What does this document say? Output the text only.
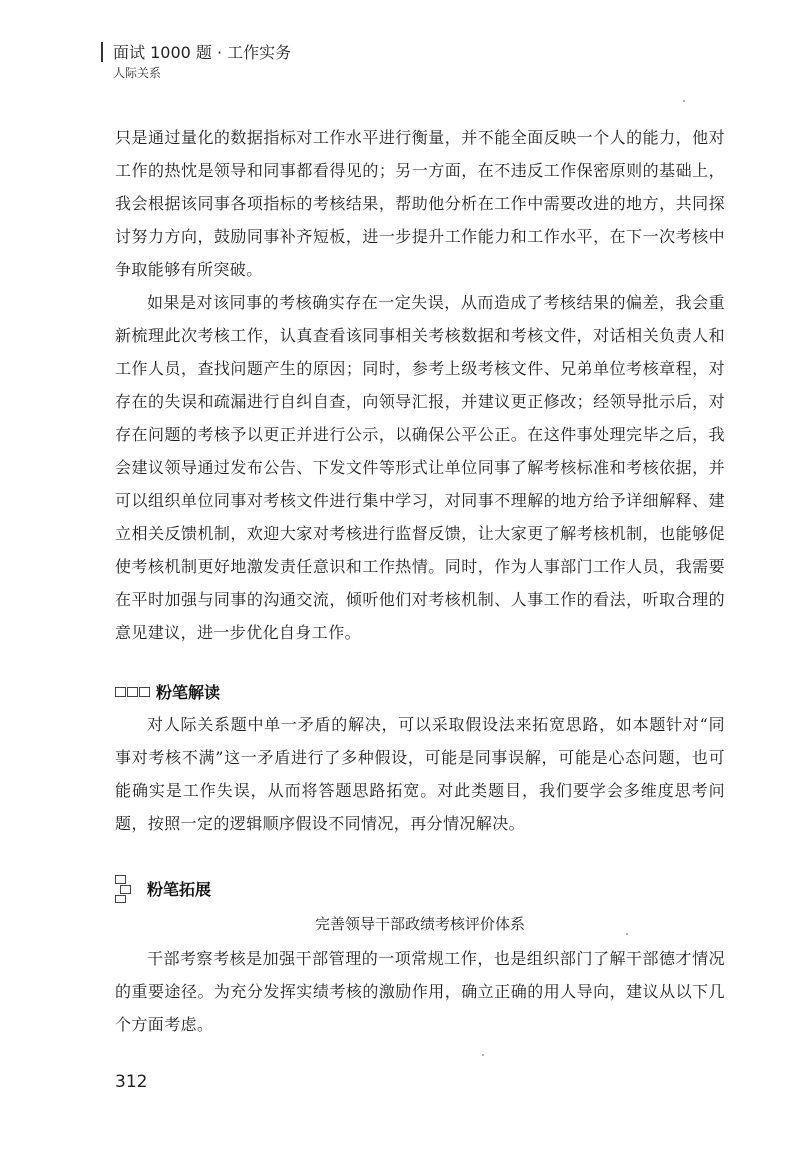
面试 1000 题 · 工作实务
人际关系

只是通过量化的数据指标对工作水平进行衡量，并不能全面反映一个人的能力，他对工作的热忱是领导和同事都看得见的；另一方面，在不违反工作保密原则的基础上，我会根据该同事各项指标的考核结果，帮助他分析在工作中需要改进的地方，共同探讨努力方向，鼓励同事补齐短板，进一步提升工作能力和工作水平，在下一次考核中争取能够有所突破。

如果是对该同事的考核确实存在一定失误，从而造成了考核结果的偏差，我会重新梳理此次考核工作，认真查看该同事相关考核数据和考核文件，对话相关负责人和工作人员，查找问题产生的原因；同时，参考上级考核文件、兄弟单位考核章程，对存在的失误和疏漏进行自纠自查，向领导汇报，并建议更正修改；经领导批示后，对存在问题的考核予以更正并进行公示，以确保公平公正。在这件事处理完毕之后，我会建议领导通过发布公告、下发文件等形式让单位同事了解考核标准和考核依据，并可以组织单位同事对考核文件进行集中学习，对同事不理解的地方给予详细解释、建立相关反馈机制，欢迎大家对考核进行监督反馈，让大家更了解考核机制，也能够促使考核机制更好地激发责任意识和工作热情。同时，作为人事部门工作人员，我需要在平时加强与同事的沟通交流，倾听他们对考核机制、人事工作的看法，听取合理的意见建议，进一步优化自身工作。

粉笔解读

对人际关系题中单一矛盾的解决，可以采取假设法来拓宽思路，如本题针对“同事对考核不满”这一矛盾进行了多种假设，可能是同事误解，可能是心态问题，也可能确实是工作失误，从而将答题思路拓宽。对此类题目，我们要学会多维度思考问题，按照一定的逻辑顺序假设不同情况，再分情况解决。

粉笔拓展
完善领导干部政绩考核评价体系

干部考察考核是加强干部管理的一项常规工作，也是组织部门了解干部德才情况的重要途径。为充分发挥实绩考核的激励作用，确立正确的用人导向，建议从以下几个方面考虑。

312
